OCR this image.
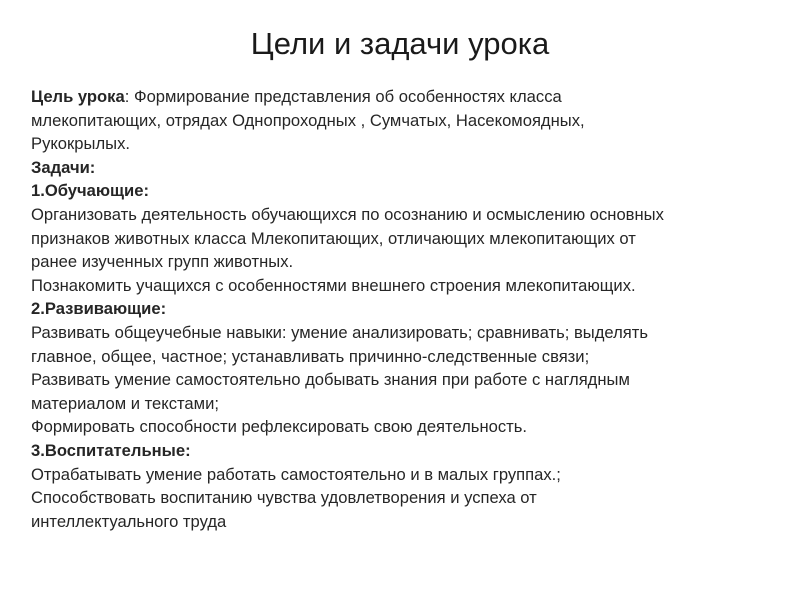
Цели и задачи урока
Цель урока: Формирование представления об особенностях класса
млекопитающих, отрядах Однопроходных , Сумчатых, Насекомоядных,
Рукокрылых.
Задачи:
1.Обучающие:
Организовать деятельность обучающихся по осознанию и осмыслению основных
признаков животных класса Млекопитающих, отличающих млекопитающих от
ранее изученных групп животных.
Познакомить учащихся с особенностями внешнего строения млекопитающих.
2.Развивающие:
Развивать общеучебные навыки: умение анализировать; сравнивать; выделять
главное, общее, частное; устанавливать причинно-следственные связи;
Развивать умение самостоятельно добывать знания при работе с наглядным
материалом и текстами;
Формировать способности рефлексировать свою деятельность.
3.Воспитательные:
Отрабатывать умение работать самостоятельно и в малых группах.;
Способствовать воспитанию чувства удовлетворения и успеха от
интеллектуального труда
